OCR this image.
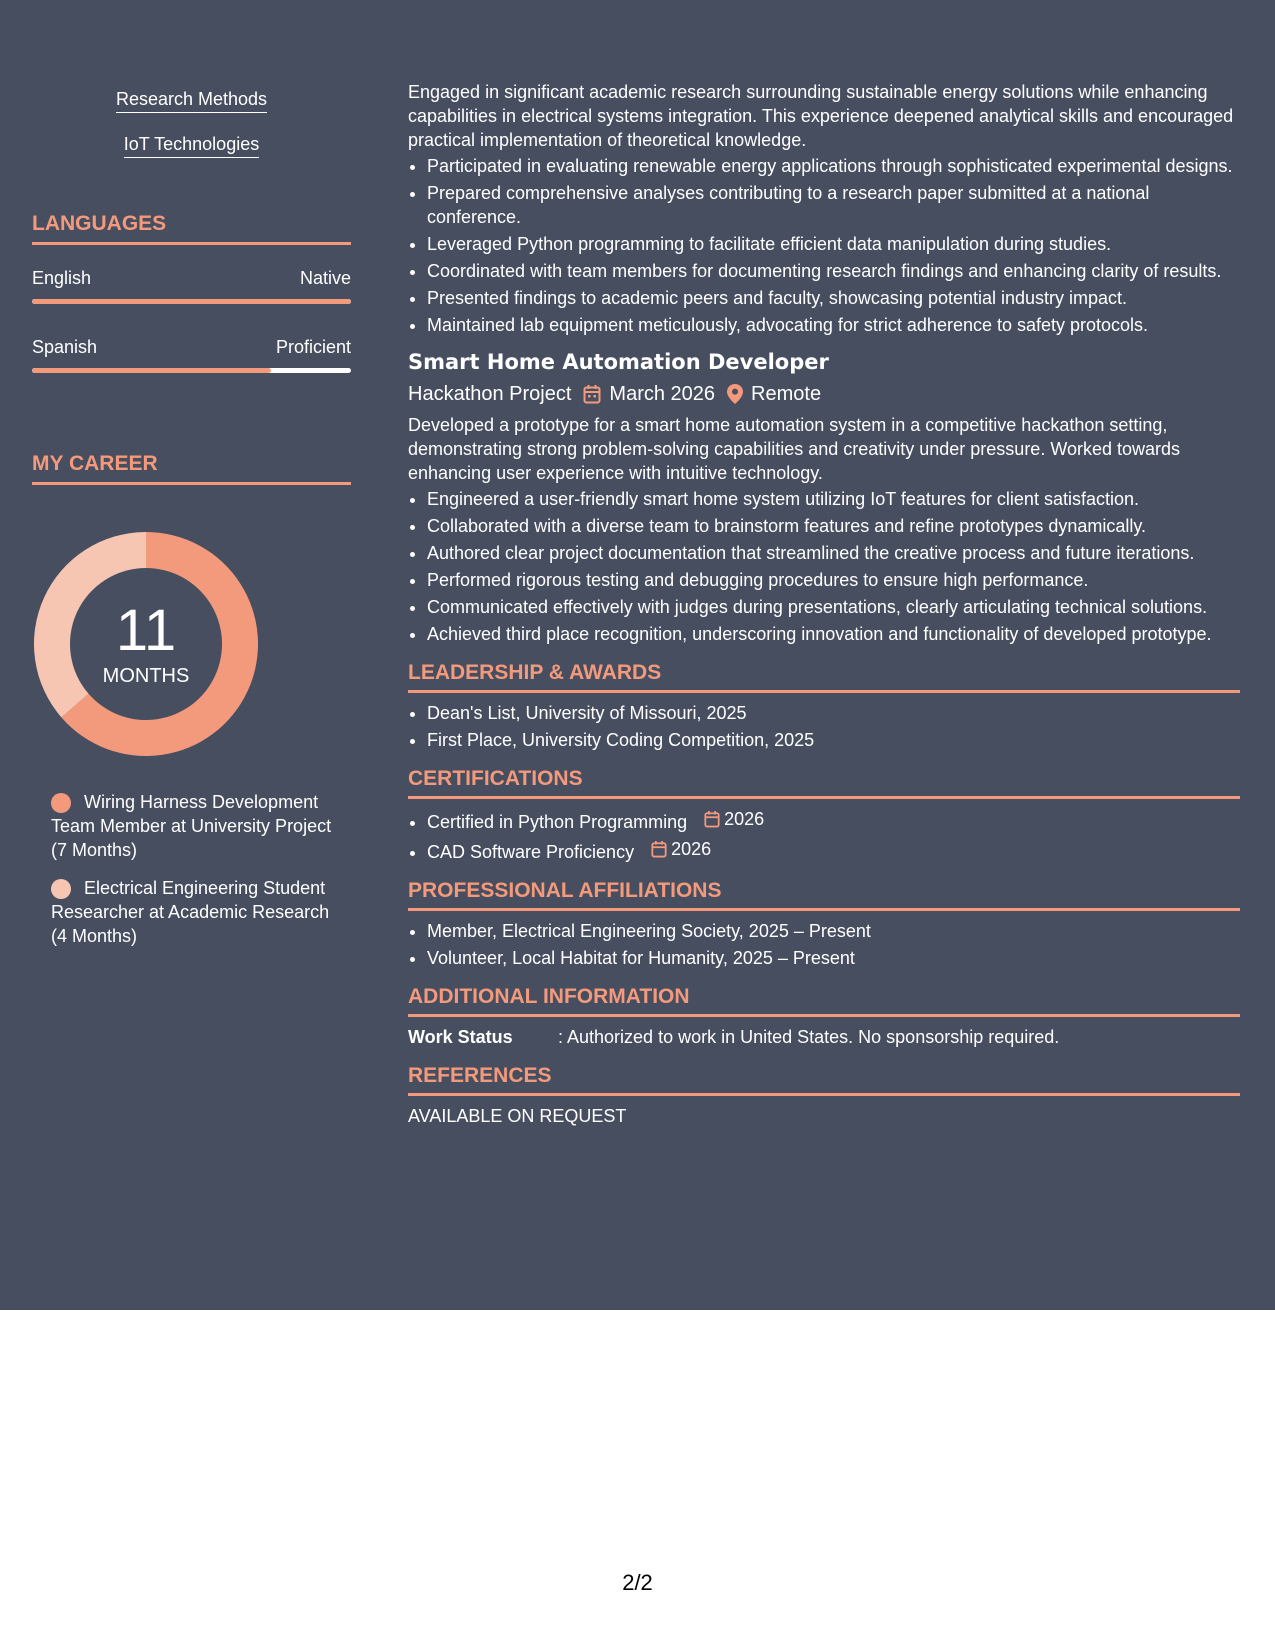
Research Methods
IoT Technologies
LANGUAGES
English	Native
Spanish	Proficient
MY CAREER
11
MONTHS
Wiring Harness Development Team Member at University Project (7 Months)
Electrical Engineering Student Researcher at Academic Research (4 Months)

Engaged in significant academic research surrounding sustainable energy solutions while enhancing capabilities in electrical systems integration. This experience deepened analytical skills and encouraged practical implementation of theoretical knowledge.

• Participated in evaluating renewable energy applications through sophisticated experimental designs.
• Prepared comprehensive analyses contributing to a research paper submitted at a national conference.
• Leveraged Python programming to facilitate efficient data manipulation during studies.
• Coordinated with team members for documenting research findings and enhancing clarity of results.
• Presented findings to academic peers and faculty, showcasing potential industry impact.
• Maintained lab equipment meticulously, advocating for strict adherence to safety protocols.
Smart Home Automation Developer
Hackathon Project March 2026 Remote

Developed a prototype for a smart home automation system in a competitive hackathon setting, demonstrating strong problem-solving capabilities and creativity under pressure. Worked towards enhancing user experience with intuitive technology.

• Engineered a user-friendly smart home system utilizing IoT features for client satisfaction.
• Collaborated with a diverse team to brainstorm features and refine prototypes dynamically.
• Authored clear project documentation that streamlined the creative process and future iterations.
• Performed rigorous testing and debugging procedures to ensure high performance.
• Communicated effectively with judges during presentations, clearly articulating technical solutions.
• Achieved third place recognition, underscoring innovation and functionality of developed prototype.
LEADERSHIP & AWARDS
• Dean's List, University of Missouri, 2025
• First Place, University Coding Competition, 2025
CERTIFICATIONS
• Certified in Python Programming 2026
• CAD Software Proficiency 2026
PROFESSIONAL AFFILIATIONS
• Member, Electrical Engineering Society, 2025 – Present
• Volunteer, Local Habitat for Humanity, 2025 – Present
ADDITIONAL INFORMATION
Work Status	: Authorized to work in United States. No sponsorship required.
REFERENCES
AVAILABLE ON REQUEST
2/2
